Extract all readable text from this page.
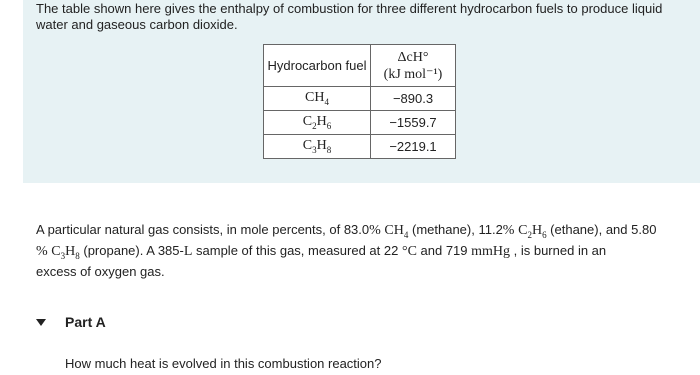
The table shown here gives the enthalpy of combustion for three different hydrocarbon fuels to produce liquid
water and gaseous carbon dioxide.
Hydrocarbon fuel	ΔcH°
(kJ mol⁻¹)

$CH_4$	−890.3
$C_2H_6$	−1559.7
$C_3H_8$	−2219.1
A particular natural gas consists, in mole percents, of 83.0% $CH_4$ (methane), 11.2% $C_2H_6$ (ethane), and 5.80
% $C_3H_8$ (propane). A 385-L sample of this gas, measured at 22 °C and 719 mmHg , is burned in an
excess of oxygen gas.
Part A
How much heat is evolved in this combustion reaction?
